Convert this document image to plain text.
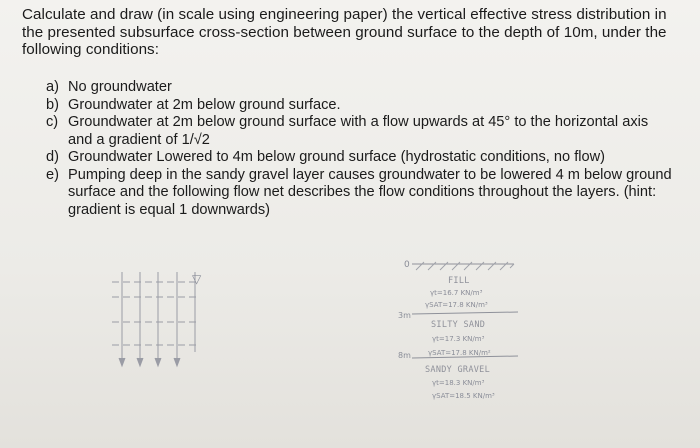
Calculate and draw (in scale using engineering paper) the vertical effective stress distribution in the presented subsurface cross-section between ground surface to the depth of 10m, under the following conditions:

a) No groundwater
b) Groundwater at 2m below ground surface.
c) Groundwater at 2m below ground surface with a flow upwards at 45° to the horizontal axis and a gradient of 1/√2
d) Groundwater Lowered to 4m below ground surface (hydrostatic conditions, no flow)
e) Pumping deep in the sandy gravel layer causes groundwater to be lowered 4 m below ground surface and the following flow net describes the flow conditions throughout the layers. (hint: gradient is equal 1 downwards)
▽
0
FILL
γt=16.7 KN/m³
γSAT=17.8 KN/m³
3m
SILTY SAND
γt=17.3 KN/m³
γSAT=17.8 KN/m²
8m
SANDY GRAVEL
γt=18.3 KN/m³
γSAT=18.5 KN/m³
